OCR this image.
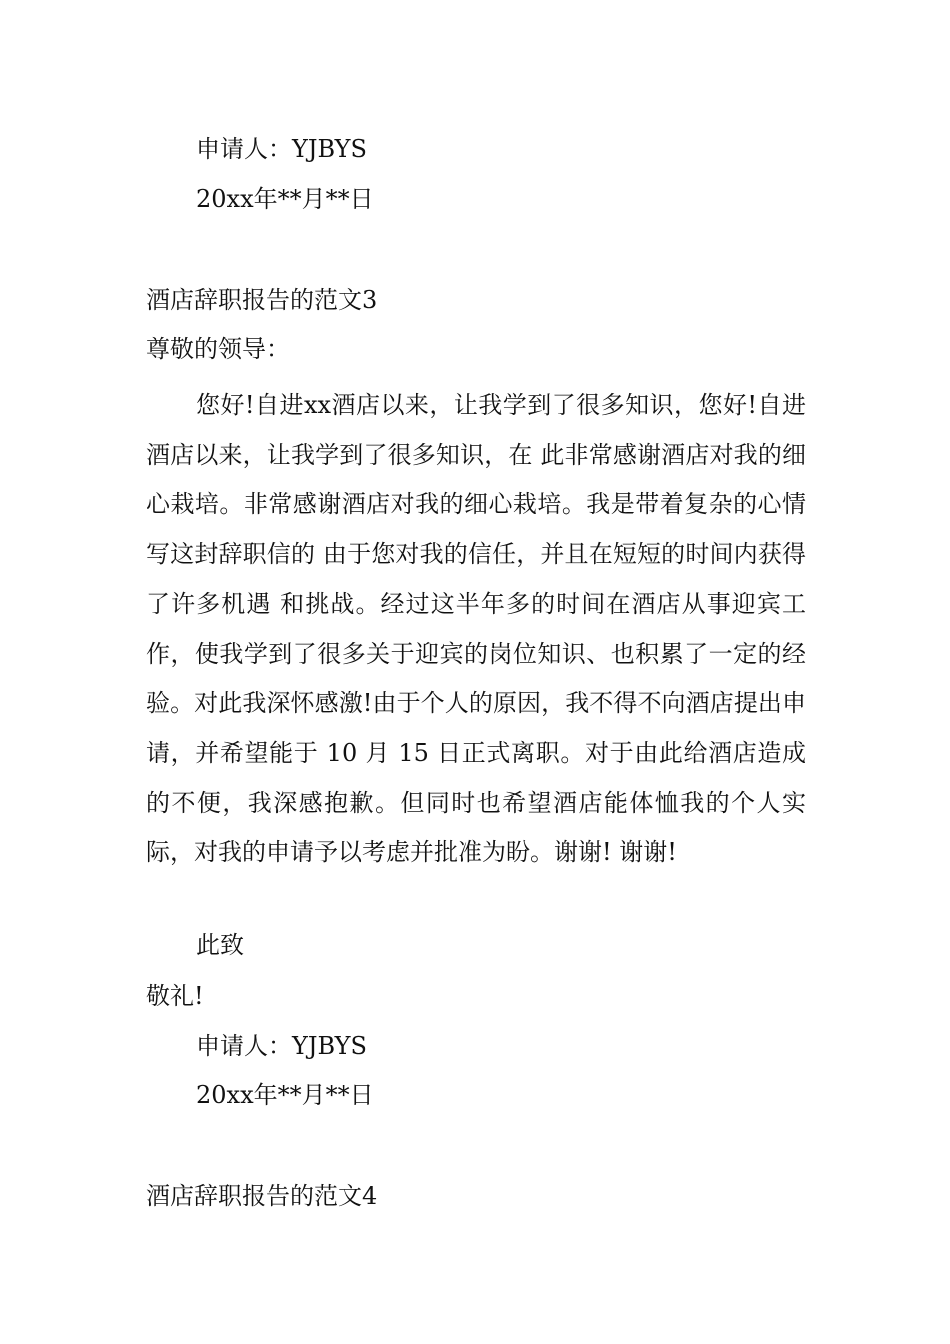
申请人：YJBYS
20xx年**月**日
酒店辞职报告的范文3
尊敬的领导：

您好!自进xx酒店以来，让我学到了很多知识，您好!自进酒店以来，让我学到了很多知识，在 此非常感谢酒店对我的细心栽培。非常感谢酒店对我的细心栽培。我是带着复杂的心情写这封辞职信的 由于您对我的信任，并且在短短的时间内获得了许多机遇 和挑战。经过这半年多的时间在酒店从事迎宾工作，使我学到了很多关于迎宾的岗位知识、也积累了一定的经验。对此我深怀感激!由于个人的原因，我不得不向酒店提出申请，并希望能于 10 月 15 日正式离职。对于由此给酒店造成的不便，我深感抱歉。但同时也希望酒店能体恤我的个人实际，对我的申请予以考虑并批准为盼。谢谢! 谢谢!

此致
敬礼!
申请人：YJBYS
20xx年**月**日
酒店辞职报告的范文4
